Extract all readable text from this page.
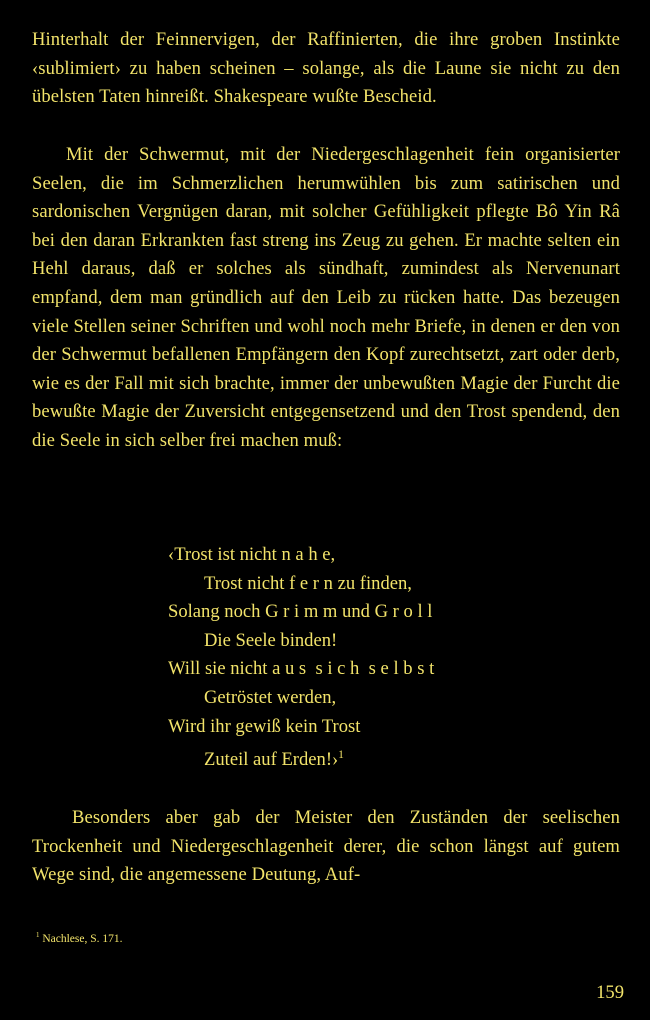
Hinterhalt der Feinnervigen, der Raffinierten, die ihre groben Instinkte ‹sublimiert› zu haben scheinen – solange, als die Laune sie nicht zu den übelsten Taten hinreißt. Shakespeare wußte Bescheid.

Mit der Schwermut, mit der Niedergeschlagenheit fein organisierter Seelen, die im Schmerzlichen herumwühlen bis zum satirischen und sardonischen Vergnügen daran, mit solcher Gefühligkeit pflegte Bô Yin Râ bei den daran Erkrankten fast streng ins Zeug zu gehen. Er machte selten ein Hehl daraus, daß er solches als sündhaft, zumindest als Nervenunart empfand, dem man gründlich auf den Leib zu rücken hatte. Das bezeugen viele Stellen seiner Schriften und wohl noch mehr Briefe, in denen er den von der Schwermut befallenen Empfängern den Kopf zurechtsetzt, zart oder derb, wie es der Fall mit sich brachte, immer der unbewußten Magie der Furcht die bewußte Magie der Zuversicht entgegensetzend und den Trost spendend, den die Seele in sich selber frei machen muß:

‹Trost ist nicht n a h e,
Trost nicht f e r n zu finden,
Solang noch G r i m m und G r o l l
Die Seele binden!
Will sie nicht a u s  s i c h  s e l b s t
Getröstet werden,
Wird ihr gewiß kein Trost
Zuteil auf Erden!›$^1$

Besonders aber gab der Meister den Zuständen der seelischen Trockenheit und Niedergeschlagenheit derer, die schon längst auf gutem Wege sind, die angemessene Deutung, Auf-

$^1$ Nachlese, S. 171.
159
